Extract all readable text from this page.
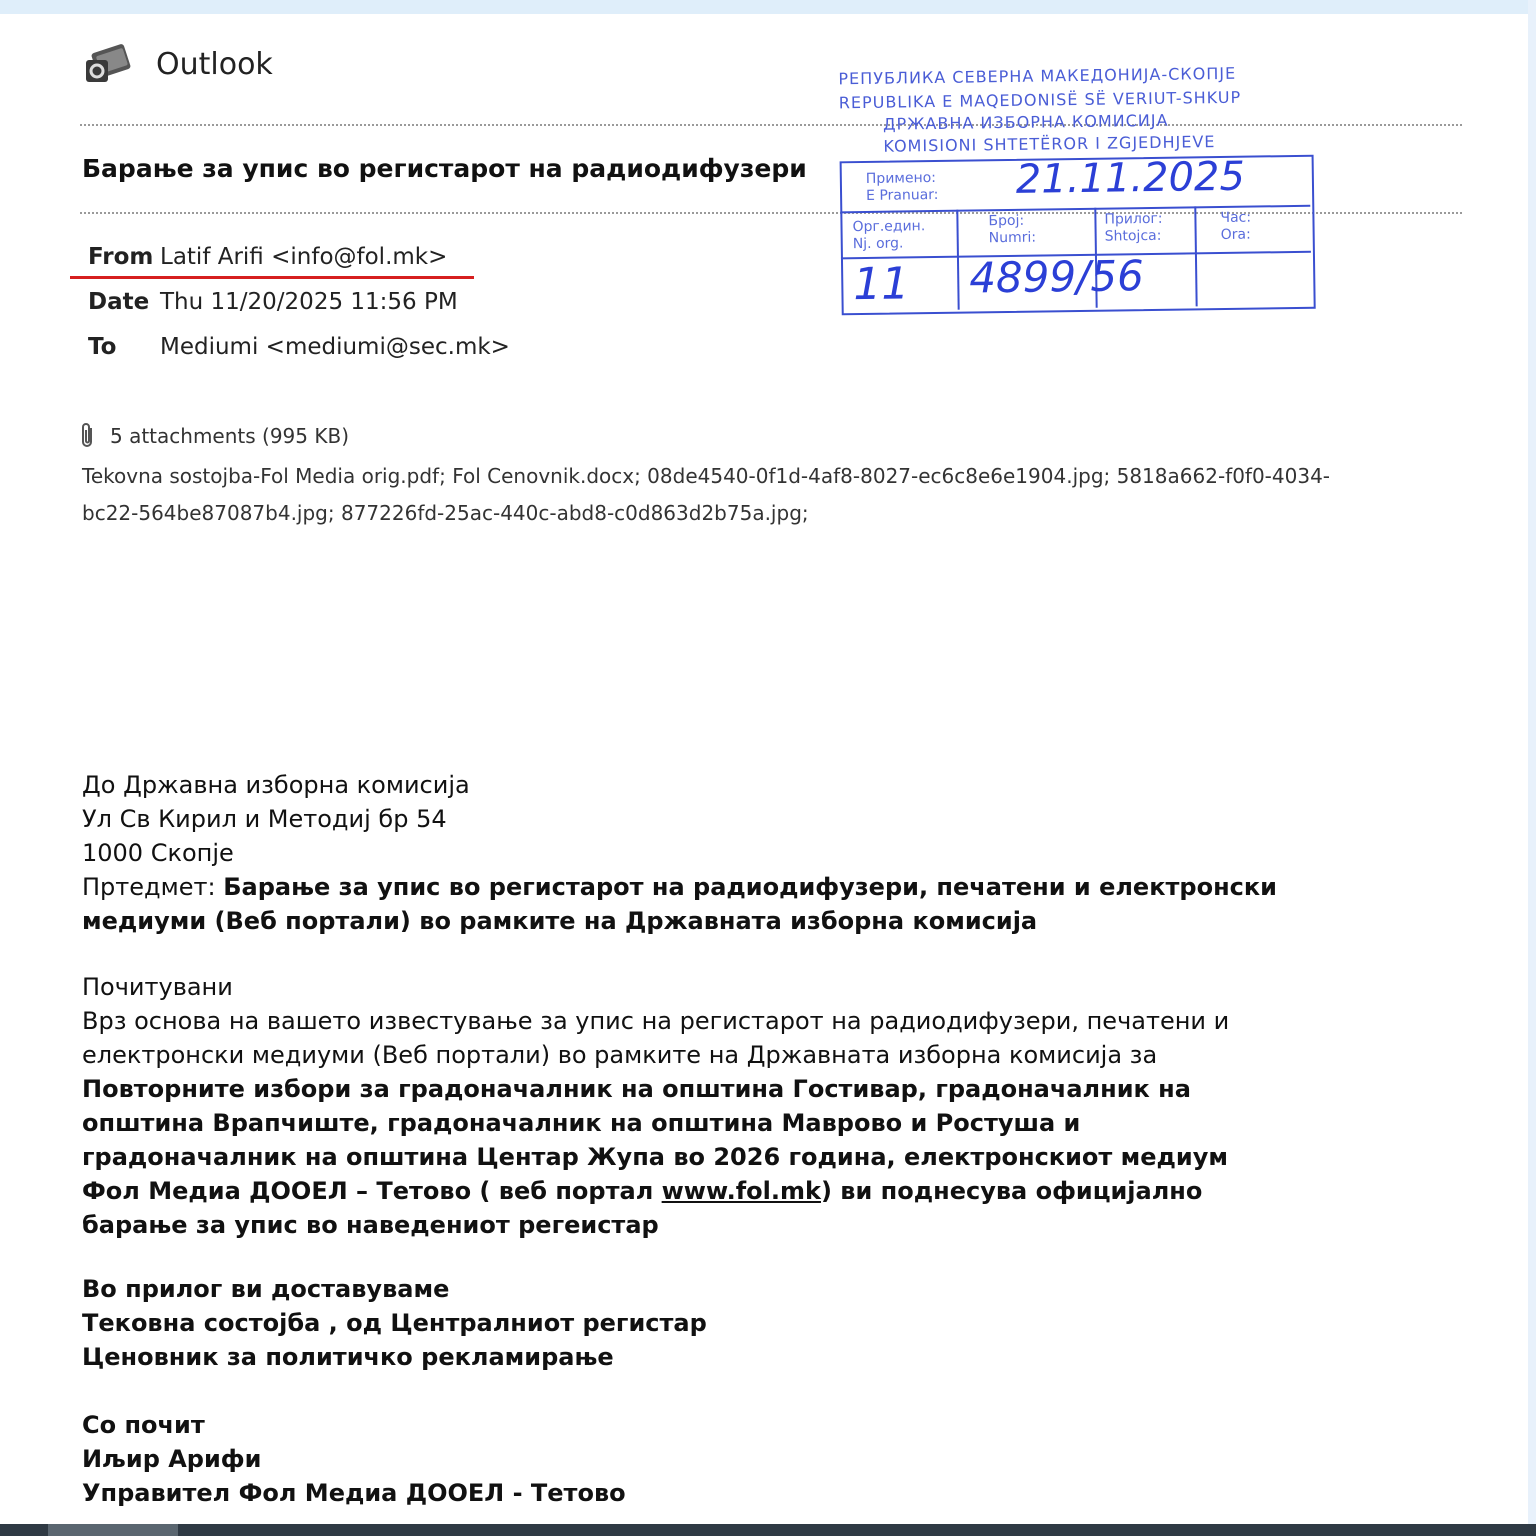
Outlook
Барање за упис во регистарот на радиодифузери
From Latif Arifi <info@fol.mk>
Date Thu 11/20/2025 11:56 PM
To Mediumi <mediumi@sec.mk>
5 attachments (995 KB)
Tekovna sostojba-Fol Media orig.pdf; Fol Cenovnik.docx; 08de4540-0f1d-4af8-8027-ec6c8e6e1904.jpg; 5818a662-f0f0-4034-
bc22-564be87087b4.jpg; 877226fd-25ac-440c-abd8-c0d863d2b75a.jpg;
РЕПУБЛИКА СЕВЕРНА МАКЕДОНИЈА-СКОПЈЕ
REPUBLIKA E MAQEDONISË SË VERIUT-SHKUP
ДРЖАВНА ИЗБОРНА КОМИСИЈА
KOMISIONI SHTETËROR I ZGJEDHJEVE
Примено:
E Pranuar: 21.11.2025
Орг.един.
Nj. org.
Број:
Numri:
Прилог:
Shtojca:
Час:
Ora:
11 4899/56
До Државна изборна комисија
Ул Св Кирил и Методиј бр 54
1000 Скопје
Пртедмет: Барање за упис во регистарот на радиодифузери, печатени и електронски
медиуми (Веб портали) во рамките на Државната изборна комисија
Почитувани
Врз основа на вашето известување за упис на регистарот на радиодифузери, печатени и
електронски медиуми (Веб портали) во рамките на Државната изборна комисија за
Повторните избори за градоначалник на општина Гостивар, градоначалник на
општина Врапчиште, градоначалник на општина Маврово и Ростуша и
градоначалник на општина Центар Жупа во 2026 година, електронскиот медиум
Фол Медиа ДООЕЛ – Тетово ( веб портал www.fol.mk) ви поднесува официјално
барање за упис во наведениот регеистар
Во прилог ви доставуваме
Тековна состојба , од Централниот регистар
Ценовник за политичко рекламирање
Со почит
Иљир Арифи
Управител Фол Медиа ДООЕЛ - Тетово
